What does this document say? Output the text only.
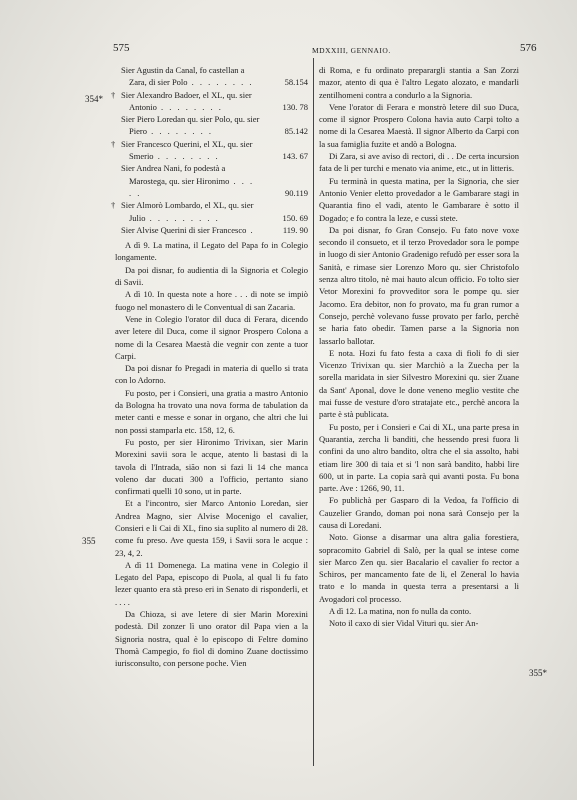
575	MDXXIII, GENNAIO.	576
354*
355
355*
Sier Agustin da Canal, fo castellan a Zara, di sier Polo . . . . . . . .	58.154
† Sier Alexandro Badoer, el XL, qu. sier Antonio . . . . . . . .	130. 78
Sier Piero Loredan qu. sier Polo, qu. sier Piero . . . . . . . .	85.142
† Sier Francesco Querini, el XL, qu. sier Smerio . . . . . . . .	143. 67
Sier Andrea Nani, fo podestà a Marostega, qu. sier Hironimo . . . . .	90.119
† Sier Almorò Lombardo, el XL, qu. sier Julio . . . . . . . . .	150. 69
Sier Alvise Querini di sier Francesco .	119. 90

A dì 9. La matina, il Legato del Papa fo in Colegio longamente.

Da poi disnar, fo audientia di la Signoria et Colegio di Savii.

A dì 10. In questa note a hore . . . di note se impiò fuogo nel monastero di le Conventual di san Zacaria.

Vene in Colegio l'orator dil duca di Ferara, dicendo aver letere dil Duca, come il signor Prospero Colona a nome di la Cesarea Maestà die vegnir con zente a tuor Carpi.

Da poi disnar fo Pregadi in materia di quello si trata con lo Adorno.

Fu posto, per i Consieri, una gratia a mastro Antonio da Bologna ha trovato una nova forma de tabulation da meter canti e messe e sonar in organo, che altri che lui non possi stamparla etc. 158, 12, 6.

Fu posto, per sier Hironimo Trivixan, sier Marin Morexini savii sora le acque, atento li bastasi di la tavola di l'Intrada, sião non si fazi li 14 che manca voleno dar ducati 300 a l'officio, pertanto siano confirmati quelli 10 sono, ut in parte.

Et a l'incontro, sier Marco Antonio Loredan, sier Andrea Magno, sier Alvise Mocenigo el cavalier, Consieri e li Cai di XL, fino sia suplito al numero di 28. come fu preso. Ave questa 159, i Savii sora le acque : 23, 4, 2.

A dì 11 Domenega. La matina vene in Colegio il Legato del Papa, episcopo di Puola, al qual li fu fato lezer quanto era stà preso eri in Senato di risponderli, et . . . .

Da Chioza, si ave letere di sier Marin Morexini podestà. Dil zonzer lì uno orator dil Papa vien a la Signoria nostra, qual è lo episcopo di Feltre domino Thomà Campegio, fo fiol di domino Zuane doctissimo iurisconsulto, con persone poche. Vien

di Roma, e fu ordinato preparargli stantia a San Zorzi mazor, atento di qua è l'altro Legato alozato, e mandarli zentilhomeni contra a condurlo a la Signoria.

Vene l'orator di Ferara e monstrò letere dil suo Duca, come il signor Prospero Colona havia auto Carpi tolto a nome di la Cesarea Maestà. Il signor Alberto da Carpi con la sua famiglia fuzite et andò a Bologna.

Di Zara, si ave aviso di rectori, di . . De certa incursion fata de li per turchi e menato via anime, etc., ut in litteris.

Fu terminà in questa matina, per la Signoria, che sier Antonio Venier eletto provedador a le Gambarare stagi in Quarantia fino el vadi, atento le Gambarare è sotto il Dogado; e fo contra la leze, e cussì stete.

Da poi disnar, fo Gran Consejo. Fu fato nove voxe secondo il consueto, et il terzo Provedador sora le pompe in luogo di sier Antonio Gradenigo refudò per esser sora la Sanità, e rimase sier Lorenzo Moro qu. sier Christofolo senza altro titolo, nè mai hauto alcun officio. Fo tolto sier Vetor Morexini fo provveditor sora le pompe qu. sier Jacomo. Era debitor, non fo provato, ma fu gran rumor a Consejo, perchè volevano fusse provato per farlo, perchè se haria fato obedir. Tamen parse a la Signoria non lassarlo ballotar.

E nota. Hozi fu fato festa a caxa di fioli fo di sier Vicenzo Trivixan qu. sier Marchiò a la Zuecha per la sorella maridata in sier Silvestro Morexini qu. sier Zuane da Sant' Aponal, dove le done veneno meglio vestite che mai fusse de vesture d'oro stratajate etc., perchè ancora la parte è stà publicata.

Fu posto, per i Consieri e Cai di XL, una parte presa in Quarantia, zercha li banditi, che hessendo presi fuora li confini da uno altro bandito, oltra che el sia assolto, habi etiam lire 300 di taia et si 'l non sarà bandito, habbi lire 600, ut in parte. La copia sarà qui avanti posta. Fu bona parte. Ave : 1266, 90, 11.

Fo publichà per Gasparo di la Vedoa, fa l'officio di Cauzelier Grando, doman poi nona sarà Consejo per la causa di Loredani.

Noto. Gionse a disarmar una altra galia forestiera, sopracomito Gabriel di Salò, per la qual se intese come sier Marco Zen qu. sier Bacalario el cavalier fo rector a Schiros, per mancamento fate de li, el Zeneral lo havia trato e lo manda in questa terra a presentarsi a li Avogadori col processo.

A dì 12. La matina, non fo nulla da conto.

Noto il caxo di sier Vidal Vituri qu. sier An-
